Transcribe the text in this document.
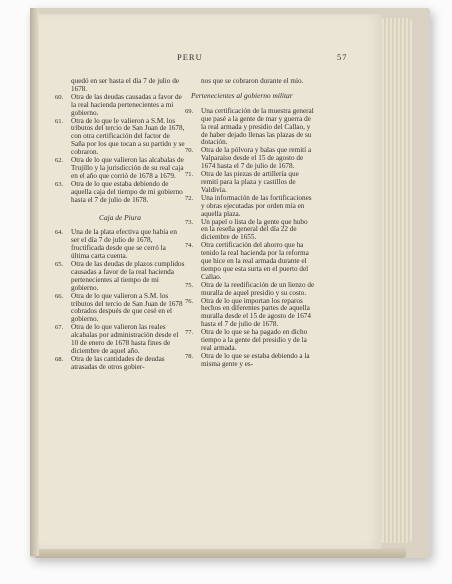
PERU	57
quedó en ser hasta el día 7 de julio de 1678.
60. Otra de las deudas causadas a favor de la real hacienda pertenecientes a mi gobierno.
61. Otra de lo que le valieron a S.M. los tributos del tercio de San Juan de 1678, con otra certificación del factor de Saña por los que tocan a su partido y se cobraron.
62. Otra de lo que valieron las alcabalas de Trujillo y la jurisdicción de su real caja en el año que corrió de 1678 a 1679.
63. Otra de lo que estaba debiendo de aquella caja del tiempo de mi gobierno hasta el 7 de julio de 1678.
Caja de Piura
64. Una de la plata efectiva que había en ser el día 7 de julio de 1678, fructificada desde que se cerró la última carta cuenta.
65. Otra de las deudas de plazos cumplidos causadas a favor de la real hacienda pertenecientes al tiempo de mi gobierno.
66. Otra de lo que valieron a S.M. los tributos del tercio de San Juan de 1678 cobrados después de que cesé en el gobierno.
67. Otra de lo que valieron las reales alcabalas por administración desde el 10 de enero de 1678 hasta fines de diciembre de aquel año.
68. Otra de las cantidades de deudas atrasadas de otros gobier-
nos que se cobraron durante el mío.
Pertenecientes al gobierno militar
69. Una certificación de la muestra general que pasé a la gente de mar y guerra de la real armada y presidio del Callao, y de haber dejado llenas las plazas de su dotación.
70. Otra de la pólvora y balas que remití a Valparaíso desde el 15 de agosto de 1674 hasta el 7 de julio de 1678.
71. Otra de las piezas de artillería que remití para la plaza y castillos de Valdivia.
72. Una información de las fortificaciones y obras ejecutadas por orden mía en aquella plaza.
73. Un papel o lista de la gente que hubo en la reseña general del día 22 de diciembre de 1655.
74. Otra certificación del ahorro que ha tenido la real hacienda por la reforma que hice en la real armada durante el tiempo que esta surta en el puerto del Callao.
75. Otra de la reedificación de un lienzo de muralla de aquel presidio y su costo.
76. Otra de lo que importan los reparos hechos en diferentes partes de aquella muralla desde el 15 de agosto de 1674 hasta el 7 de julio de 1678.
77. Otra de lo que se ha pagado en dicho tiempo a la gente del presidio y de la real armada.
78. Otra de lo que se estaba debiendo a la misma gente y es-
